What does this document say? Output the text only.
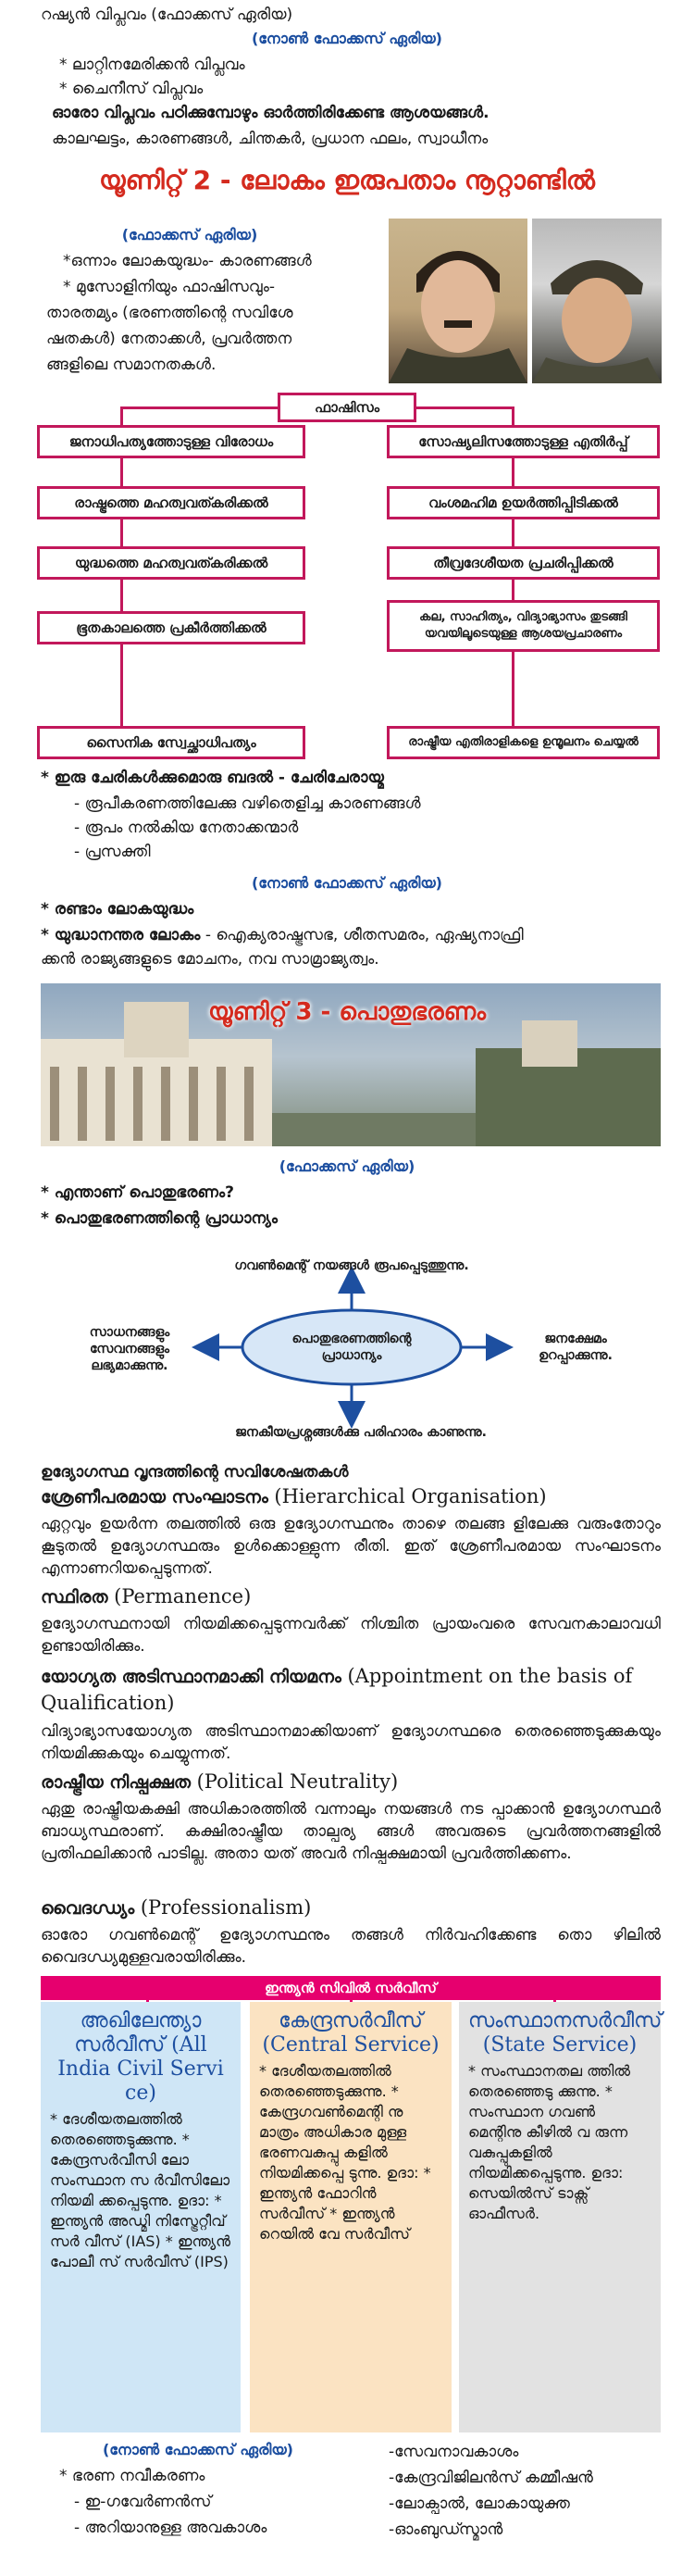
റഷ്യൻ വിപ്ലവം (ഫോക്കസ് ഏരിയ)
(നോൺ ഫോക്കസ് ഏരിയ)
* ലാറ്റിനമേരിക്കൻ വിപ്ലവം
* ചൈനീസ് വിപ്ലവം
ഓരോ വിപ്ലവം പഠിക്കുമ്പോഴും ഓർത്തിരിക്കേണ്ട ആശയങ്ങൾ.
കാലഘട്ടം, കാരണങ്ങൾ, ചിന്തകർ, പ്രധാന ഫലം, സ്വാധീനം
യൂണിറ്റ് 2 - ലോകം ഇരുപതാം നൂറ്റാണ്ടിൽ
(ഫോക്കസ് ഏരിയ)
*ഒന്നാം ലോകയുദ്ധം- കാരണങ്ങൾ
* മുസോളിനിയും ഫാഷിസവും-
താരതമ്യം (ഭരണത്തിന്റെ സവിശേ
ഷതകൾ) നേതാക്കൾ, പ്രവർത്തന
ങ്ങളിലെ സമാനതകൾ.
ഫാഷിസം
ജനാധിപത്യത്തോടുള്ള വിരോധം
രാഷ്ട്രത്തെ മഹത്വവത്കരിക്കൽ
യുദ്ധത്തെ മഹത്വവത്കരിക്കൽ
ഭൂതകാലത്തെ പ്രകീർത്തിക്കൽ
സൈനിക സ്വേച്ഛാധിപത്യം
സോഷ്യലിസത്തോടുള്ള എതിർപ്പ്
വംശമഹിമ ഉയർത്തിപ്പിടിക്കൽ
തീവ്രദേശീയത പ്രചരിപ്പിക്കൽ
കല, സാഹിത്യം, വിദ്യാഭ്യാസം തുടങ്ങി യവയിലൂടെയുള്ള ആശയപ്രചാരണം
രാഷ്ട്രീയ എതിരാളികളെ ഉന്മൂലനം ചെയ്യൽ
* ഇരു ചേരികൾക്കുമൊരു ബദൽ - ചേരിചേരായ്മ
- രൂപീകരണത്തിലേക്കു വഴിതെളിച്ച കാരണങ്ങൾ
- രൂപം നൽകിയ നേതാക്കന്മാർ
- പ്രസക്തി
(നോൺ ഫോക്കസ് ഏരിയ)
* രണ്ടാം ലോകയുദ്ധം
* യുദ്ധാനന്തര ലോകം - ഐക്യരാഷ്ട്രസഭ, ശീതസമരം, ഏഷ്യനാഫ്രി
ക്കൻ രാജ്യങ്ങളുടെ മോചനം, നവ സാമ്രാജ്യത്വം.
യൂണിറ്റ് 3 - പൊതുഭരണം
(ഫോക്കസ് ഏരിയ)
* എന്താണ് പൊതുഭരണം?
* പൊതുഭരണത്തിന്റെ പ്രാധാന്യം
പൊതുഭരണത്തിന്റെ പ്രാധാന്യം
ഗവൺമെന്റ് നയങ്ങൾ രൂപപ്പെടുത്തുന്നു.
സാധനങ്ങളും സേവനങ്ങളും ലഭ്യമാക്കുന്നു.
ജനക്ഷേമം ഉറപ്പാക്കുന്നു.
ജനകീയപ്രശ്നങ്ങൾക്കു പരിഹാരം കാണുന്നു.
ഉദ്യോഗസ്ഥ വൃന്ദത്തിന്റെ സവിശേഷതകൾ
ശ്രേണീപരമായ സംഘാടനം (Hierarchical Organisation)
ഏറ്റവും ഉയർന്ന തലത്തിൽ ഒരു ഉദ്യോഗസ്ഥനും താഴെ തലങ്ങ ളിലേക്കു വരുംതോറും കൂടുതൽ ഉദ്യോഗസ്ഥരും ഉൾക്കൊള്ളുന്ന രീതി. ഇത് ശ്രേണീപരമായ സംഘാടനം എന്നാണറിയപ്പെടുന്നത്.
സ്ഥിരത (Permanence)
ഉദ്യോഗസ്ഥനായി നിയമിക്കപ്പെടുന്നവർക്ക് നിശ്ചിത പ്രായംവരെ സേവനകാലാവധി ഉണ്ടായിരിക്കും.
യോഗ്യത അടിസ്ഥാനമാക്കി നിയമനം (Appointment on the basis of Qualification)
വിദ്യാഭ്യാസയോഗ്യത അടിസ്ഥാനമാക്കിയാണ് ഉദ്യോഗസ്ഥരെ തെരഞ്ഞെടുക്കുകയും നിയമിക്കുകയും ചെയ്യുന്നത്.
രാഷ്ട്രീയ നിഷ്പക്ഷത (Political Neutrality)
ഏതു രാഷ്ട്രീയകക്ഷി അധികാരത്തിൽ വന്നാലും നയങ്ങൾ നട പ്പാക്കാൻ ഉദ്യോഗസ്ഥർ ബാധ്യസ്ഥരാണ്. കക്ഷിരാഷ്ട്രീയ താല്പര്യ ങ്ങൾ അവരുടെ പ്രവർത്തനങ്ങളിൽ പ്രതിഫലിക്കാൻ പാടില്ല. അതാ യത് അവർ നിഷ്പക്ഷമായി പ്രവർത്തിക്കണം.
വൈദഗ്ധ്യം (Professionalism)
ഓരോ ഗവൺമെന്റ് ഉദ്യോഗസ്ഥനും തങ്ങൾ നിർവഹിക്കേണ്ട തൊ ഴിലിൽ വൈദഗ്ധ്യമുള്ളവരായിരിക്കും.
ഇന്ത്യൻ സിവിൽ സർവീസ്
അഖിലേന്ത്യാ സർവീസ് (All India Civil Servi ce)
* ദേശീയതലത്തിൽ തെരഞ്ഞെടുക്കുന്നു. * കേന്ദ്രസർവീസി ലോ സംസ്ഥാന സ ർവീസിലോ നിയമി ക്കപ്പെടുന്നു. ഉദാ: * ഇന്ത്യൻ അഡ്മി നിസ്ട്രേറ്റീവ് സർ വീസ് (IAS) * ഇന്ത്യൻ പോലീ സ് സർവീസ് (IPS)
കേന്ദ്രസർവീസ് (Central Service)
* ദേശീയതലത്തിൽ തെരഞ്ഞെടുക്കുന്നു. * കേന്ദ്രഗവൺമെന്റി നു മാത്രം അധികാര മുള്ള ഭരണവകുപ്പു കളിൽ നിയമിക്കപ്പെ ടുന്നു. ഉദാ: * ഇന്ത്യൻ ഫോറിൻ സർവീസ് * ഇന്ത്യൻ റെയിൽ വേ സർവീസ്
സംസ്ഥാനസർവീസ് (State Service)
* സംസ്ഥാനതല ത്തിൽ തെരഞ്ഞെടു ക്കുന്നു. * സംസ്ഥാന ഗവൺ മെന്റിനു കീഴിൽ വ രുന്ന വകുപ്പുകളിൽ നിയമിക്കപ്പെടുന്നു. ഉദാ: സെയിൽസ് ടാക്സ് ഓഫീസർ.
(നോൺ ഫോക്കസ് ഏരിയ)
* ഭരണ നവീകരണം
- ഇ-ഗവേർണൻസ്
- അറിയാനുള്ള അവകാശം
-സേവനാവകാശം
-കേന്ദ്രവിജിലൻസ് കമ്മീഷൻ
-ലോക്പാൽ, ലോകായുക്ത
-ഓംബുഡ്സ്മാൻ
